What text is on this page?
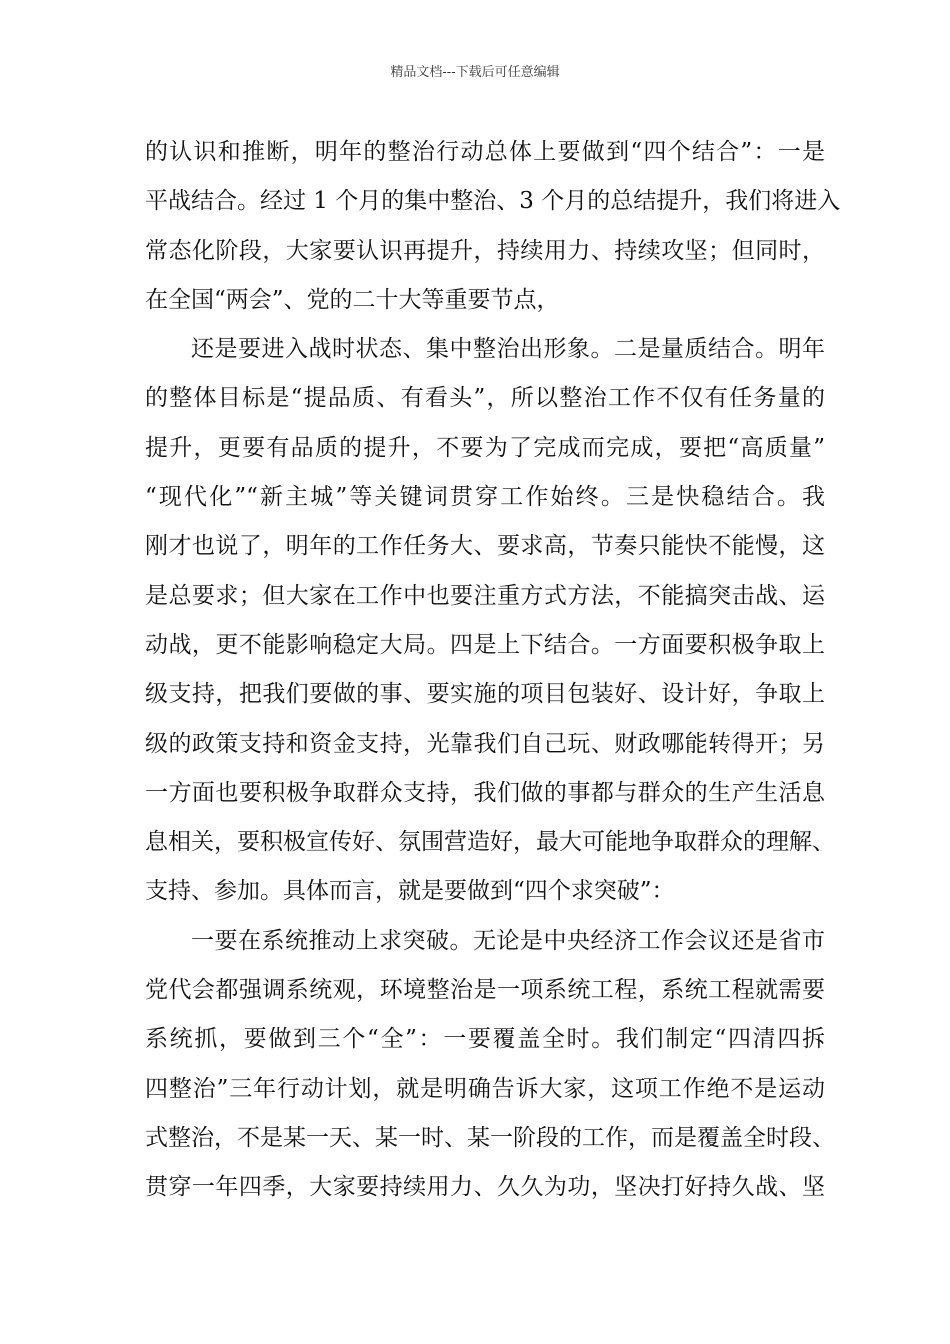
精品文档---下载后可任意编辑
的认识和推断，明年的整治行动总体上要做到“四个结合”：一是
平战结合。经过 1 个月的集中整治、3 个月的总结提升，我们将进入
常态化阶段，大家要认识再提升，持续用力、持续攻坚；但同时，
在全国“两会”、党的二十大等重要节点，
还是要进入战时状态、集中整治出形象。二是量质结合。明年
的整体目标是“提品质、有看头”，所以整治工作不仅有任务量的
提升，更要有品质的提升，不要为了完成而完成，要把“高质量”
“现代化”“新主城”等关键词贯穿工作始终。三是快稳结合。我
刚才也说了，明年的工作任务大、要求高，节奏只能快不能慢，这
是总要求；但大家在工作中也要注重方式方法，不能搞突击战、运
动战，更不能影响稳定大局。四是上下结合。一方面要积极争取上
级支持，把我们要做的事、要实施的项目包装好、设计好，争取上
级的政策支持和资金支持，光靠我们自己玩、财政哪能转得开；另
一方面也要积极争取群众支持，我们做的事都与群众的生产生活息
息相关，要积极宣传好、氛围营造好，最大可能地争取群众的理解、
支持、参加。具体而言，就是要做到“四个求突破”：
一要在系统推动上求突破。无论是中央经济工作会议还是省市
党代会都强调系统观，环境整治是一项系统工程，系统工程就需要
系统抓，要做到三个“全”：一要覆盖全时。我们制定“四清四拆
四整治”三年行动计划，就是明确告诉大家，这项工作绝不是运动
式整治，不是某一天、某一时、某一阶段的工作，而是覆盖全时段、
贯穿一年四季，大家要持续用力、久久为功，坚决打好持久战、坚
